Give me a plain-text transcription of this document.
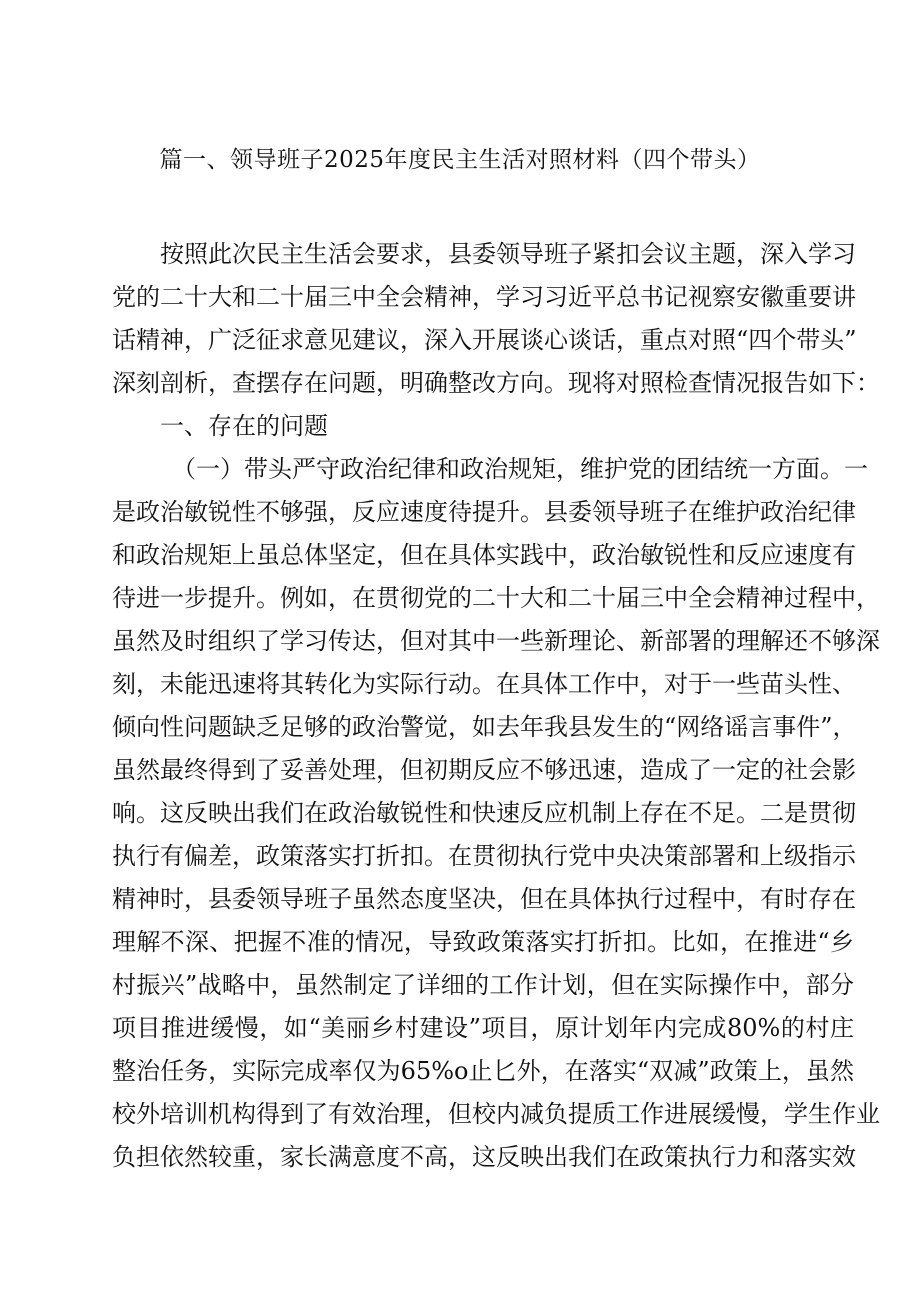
篇一、领导班子2025年度民主生活对照材料（四个带头）
按照此次民主生活会要求，县委领导班子紧扣会议主题，深入学习
党的二十大和二十届三中全会精神，学习习近平总书记视察安徽重要讲
话精神，广泛征求意见建议，深入开展谈心谈话，重点对照“四个带头”
深刻剖析，查摆存在问题，明确整改方向。现将对照检查情况报告如下：
一、存在的问题
（一）带头严守政治纪律和政治规矩，维护党的团结统一方面。一
是政治敏锐性不够强，反应速度待提升。县委领导班子在维护政治纪律
和政治规矩上虽总体坚定，但在具体实践中，政治敏锐性和反应速度有
待进一步提升。例如，在贯彻党的二十大和二十届三中全会精神过程中，
虽然及时组织了学习传达，但对其中一些新理论、新部署的理解还不够深
刻，未能迅速将其转化为实际行动。在具体工作中，对于一些苗头性、
倾向性问题缺乏足够的政治警觉，如去年我县发生的“网络谣言事件”，
虽然最终得到了妥善处理，但初期反应不够迅速，造成了一定的社会影
响。这反映出我们在政治敏锐性和快速反应机制上存在不足。二是贯彻
执行有偏差，政策落实打折扣。在贯彻执行党中央决策部署和上级指示
精神时，县委领导班子虽然态度坚决，但在具体执行过程中，有时存在
理解不深、把握不准的情况，导致政策落实打折扣。比如，在推进“乡
村振兴”战略中，虽然制定了详细的工作计划，但在实际操作中，部分
项目推进缓慢，如“美丽乡村建设”项目，原计划年内完成80%的村庄
整治任务，实际完成率仅为65%o止匕外，在落实“双减”政策上，虽然
校外培训机构得到了有效治理，但校内减负提质工作进展缓慢，学生作业
负担依然较重，家长满意度不高，这反映出我们在政策执行力和落实效
